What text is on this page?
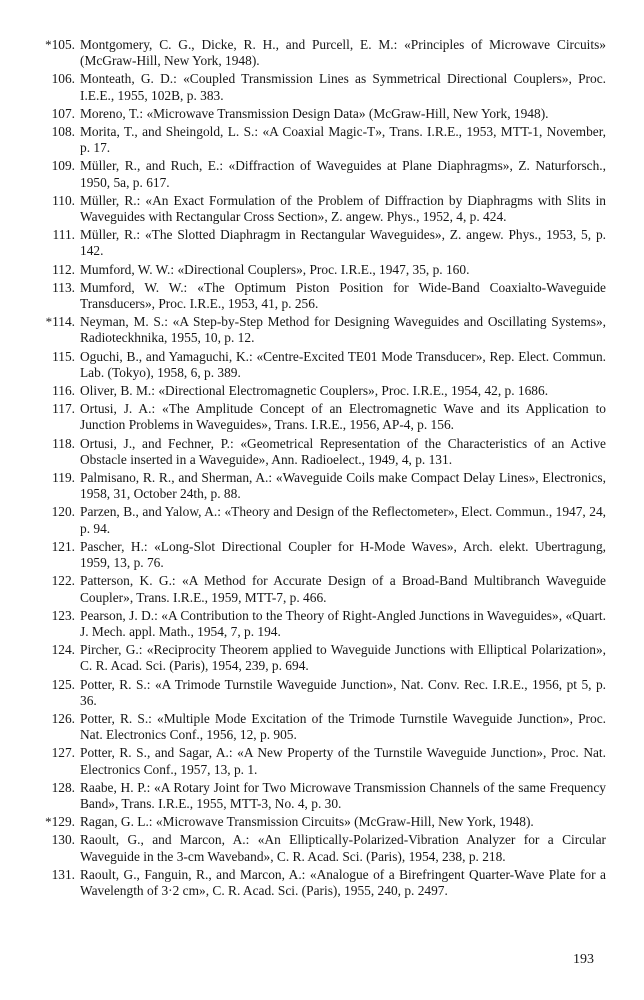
*105. Montgomery, C. G., Dicke, R. H., and Purcell, E. M.: «Principles of Microwave Circuits» (McGraw-Hill, New York, 1948).
106. Monteath, G. D.: «Coupled Transmission Lines as Symmetrical Directional Couplers», Proc. I.E.E., 1955, 102B, p. 383.
107. Moreno, T.: «Microwave Transmission Design Data» (McGraw-Hill, New York, 1948).
108. Morita, T., and Sheingold, L. S.: «A Coaxial Magic-T», Trans. I.R.E., 1953, MTT-1, November, p. 17.
109. Müller, R., and Ruch, E.: «Diffraction of Waveguides at Plane Diaphragms», Z. Naturforsch., 1950, 5a, p. 617.
110. Müller, R.: «An Exact Formulation of the Problem of Diffraction by Diaphragms with Slits in Waveguides with Rectangular Cross Section», Z. angew. Phys., 1952, 4, p. 424.
111. Müller, R.: «The Slotted Diaphragm in Rectangular Waveguides», Z. angew. Phys., 1953, 5, p. 142.
112. Mumford, W. W.: «Directional Couplers», Proc. I.R.E., 1947, 35, p. 160.
113. Mumford, W. W.: «The Optimum Piston Position for Wide-Band Coaxialto-Waveguide Transducers», Proc. I.R.E., 1953, 41, p. 256.
*114. Neyman, M. S.: «A Step-by-Step Method for Designing Waveguides and Oscillating Systems», Radioteckhnika, 1955, 10, p. 12.
115. Oguchi, B., and Yamaguchi, K.: «Centre-Excited TE01 Mode Transducer», Rep. Elect. Commun. Lab. (Tokyo), 1958, 6, p. 389.
116. Oliver, B. M.: «Directional Electromagnetic Couplers», Proc. I.R.E., 1954, 42, p. 1686.
117. Ortusi, J. A.: «The Amplitude Concept of an Electromagnetic Wave and its Application to Junction Problems in Waveguides», Trans. I.R.E., 1956, AP-4, p. 156.
118. Ortusi, J., and Fechner, P.: «Geometrical Representation of the Characteristics of an Active Obstacle inserted in a Waveguide», Ann. Radioelect., 1949, 4, p. 131.
119. Palmisano, R. R., and Sherman, A.: «Waveguide Coils make Compact Delay Lines», Electronics, 1958, 31, October 24th, p. 88.
120. Parzen, B., and Yalow, A.: «Theory and Design of the Reflectometer», Elect. Commun., 1947, 24, p. 94.
121. Pascher, H.: «Long-Slot Directional Coupler for H-Mode Waves», Arch. elekt. Ubertragung, 1959, 13, p. 76.
122. Patterson, K. G.: «A Method for Accurate Design of a Broad-Band Multibranch Waveguide Coupler», Trans. I.R.E., 1959, MTT-7, p. 466.
123. Pearson, J. D.: «A Contribution to the Theory of Right-Angled Junctions in Waveguides», «Quart. J. Mech. appl. Math., 1954, 7, p. 194.
124. Pircher, G.: «Reciprocity Theorem applied to Waveguide Junctions with Elliptical Polarization», C. R. Acad. Sci. (Paris), 1954, 239, p. 694.
125. Potter, R. S.: «A Trimode Turnstile Waveguide Junction», Nat. Conv. Rec. I.R.E., 1956, pt 5, p. 36.
126. Potter, R. S.: «Multiple Mode Excitation of the Trimode Turnstile Waveguide Junction», Proc. Nat. Electronics Conf., 1956, 12, p. 905.
127. Potter, R. S., and Sagar, A.: «A New Property of the Turnstile Waveguide Junction», Proc. Nat. Electronics Conf., 1957, 13, p. 1.
128. Raabe, H. P.: «A Rotary Joint for Two Microwave Transmission Channels of the same Frequency Band», Trans. I.R.E., 1955, MTT-3, No. 4, p. 30.
*129. Ragan, G. L.: «Microwave Transmission Circuits» (McGraw-Hill, New York, 1948).
130. Raoult, G., and Marcon, A.: «An Elliptically-Polarized-Vibration Analyzer for a Circular Waveguide in the 3-cm Waveband», C. R. Acad. Sci. (Paris), 1954, 238, p. 218.
131. Raoult, G., Fanguin, R., and Marcon, A.: «Analogue of a Birefringent Quarter-Wave Plate for a Wavelength of 3·2 cm», C. R. Acad. Sci. (Paris), 1955, 240, p. 2497.
193
